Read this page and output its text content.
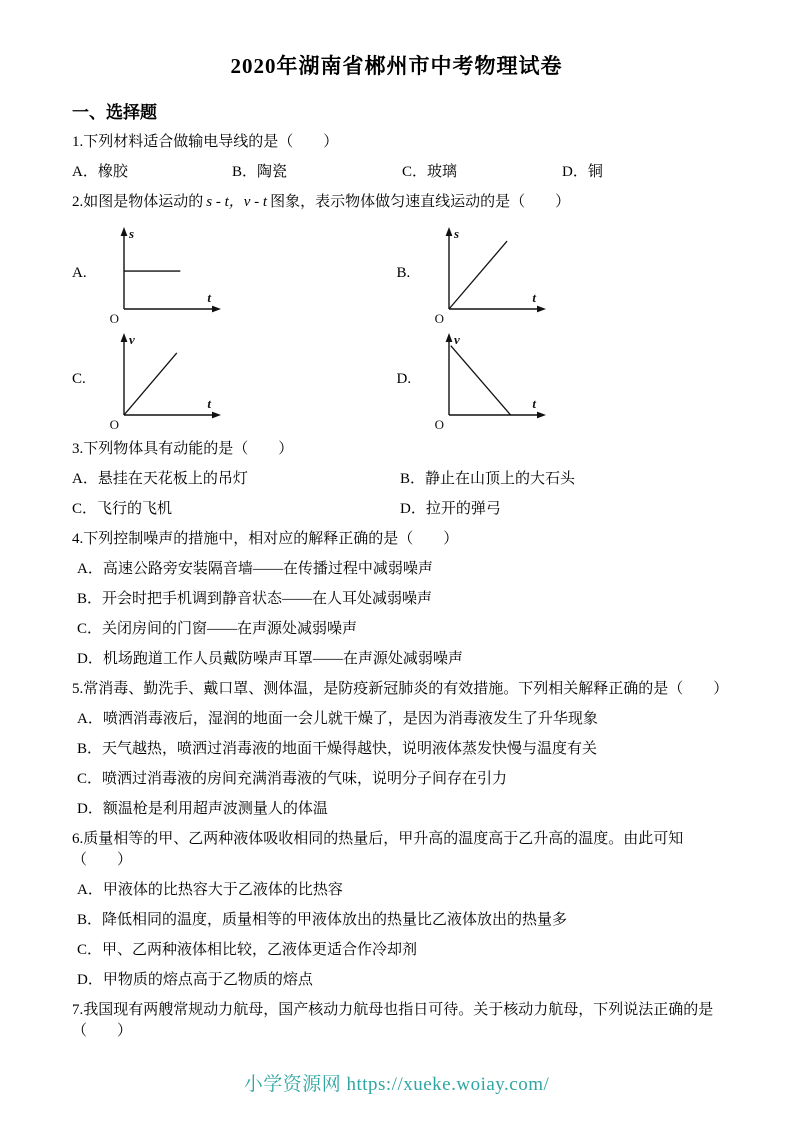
2020年湖南省郴州市中考物理试卷
一、选择题

1.下列材料适合做输电导线的是（　　）

A．橡胶	B．陶瓷	C．玻璃	D．铜

2.如图是物体运动的 s - t，v - t 图象，表示物体做匀速直线运动的是（　　）

A.
s
t
O
B.
s
t
O
C.
v
t
O
D.
v
t
O

3.下列物体具有动能的是（　　）

A．悬挂在天花板上的吊灯	B．静止在山顶上的大石头
C．飞行的飞机	D．拉开的弹弓

4.下列控制噪声的措施中，相对应的解释正确的是（　　）

A．高速公路旁安装隔音墙——在传播过程中减弱噪声

B．开会时把手机调到静音状态——在人耳处减弱噪声

C．关闭房间的门窗——在声源处减弱噪声

D．机场跑道工作人员戴防噪声耳罩——在声源处减弱噪声

5.常消毒、勤洗手、戴口罩、测体温，是防疫新冠肺炎的有效措施。下列相关解释正确的是（　　）

A．喷洒消毒液后，湿润的地面一会儿就干燥了，是因为消毒液发生了升华现象

B．天气越热，喷洒过消毒液的地面干燥得越快，说明液体蒸发快慢与温度有关

C．喷洒过消毒液的房间充满消毒液的气味，说明分子间存在引力

D．额温枪是利用超声波测量人的体温

6.质量相等的甲、乙两种液体吸收相同的热量后，甲升高的温度高于乙升高的温度。由此可知（　　）

A．甲液体的比热容大于乙液体的比热容

B．降低相同的温度，质量相等的甲液体放出的热量比乙液体放出的热量多

C．甲、乙两种液体相比较，乙液体更适合作冷却剂

D．甲物质的熔点高于乙物质的熔点

7.我国现有两艘常规动力航母，国产核动力航母也指日可待。关于核动力航母，下列说法正确的是（　　）

小学资源网 https://xueke.woiay.com/
